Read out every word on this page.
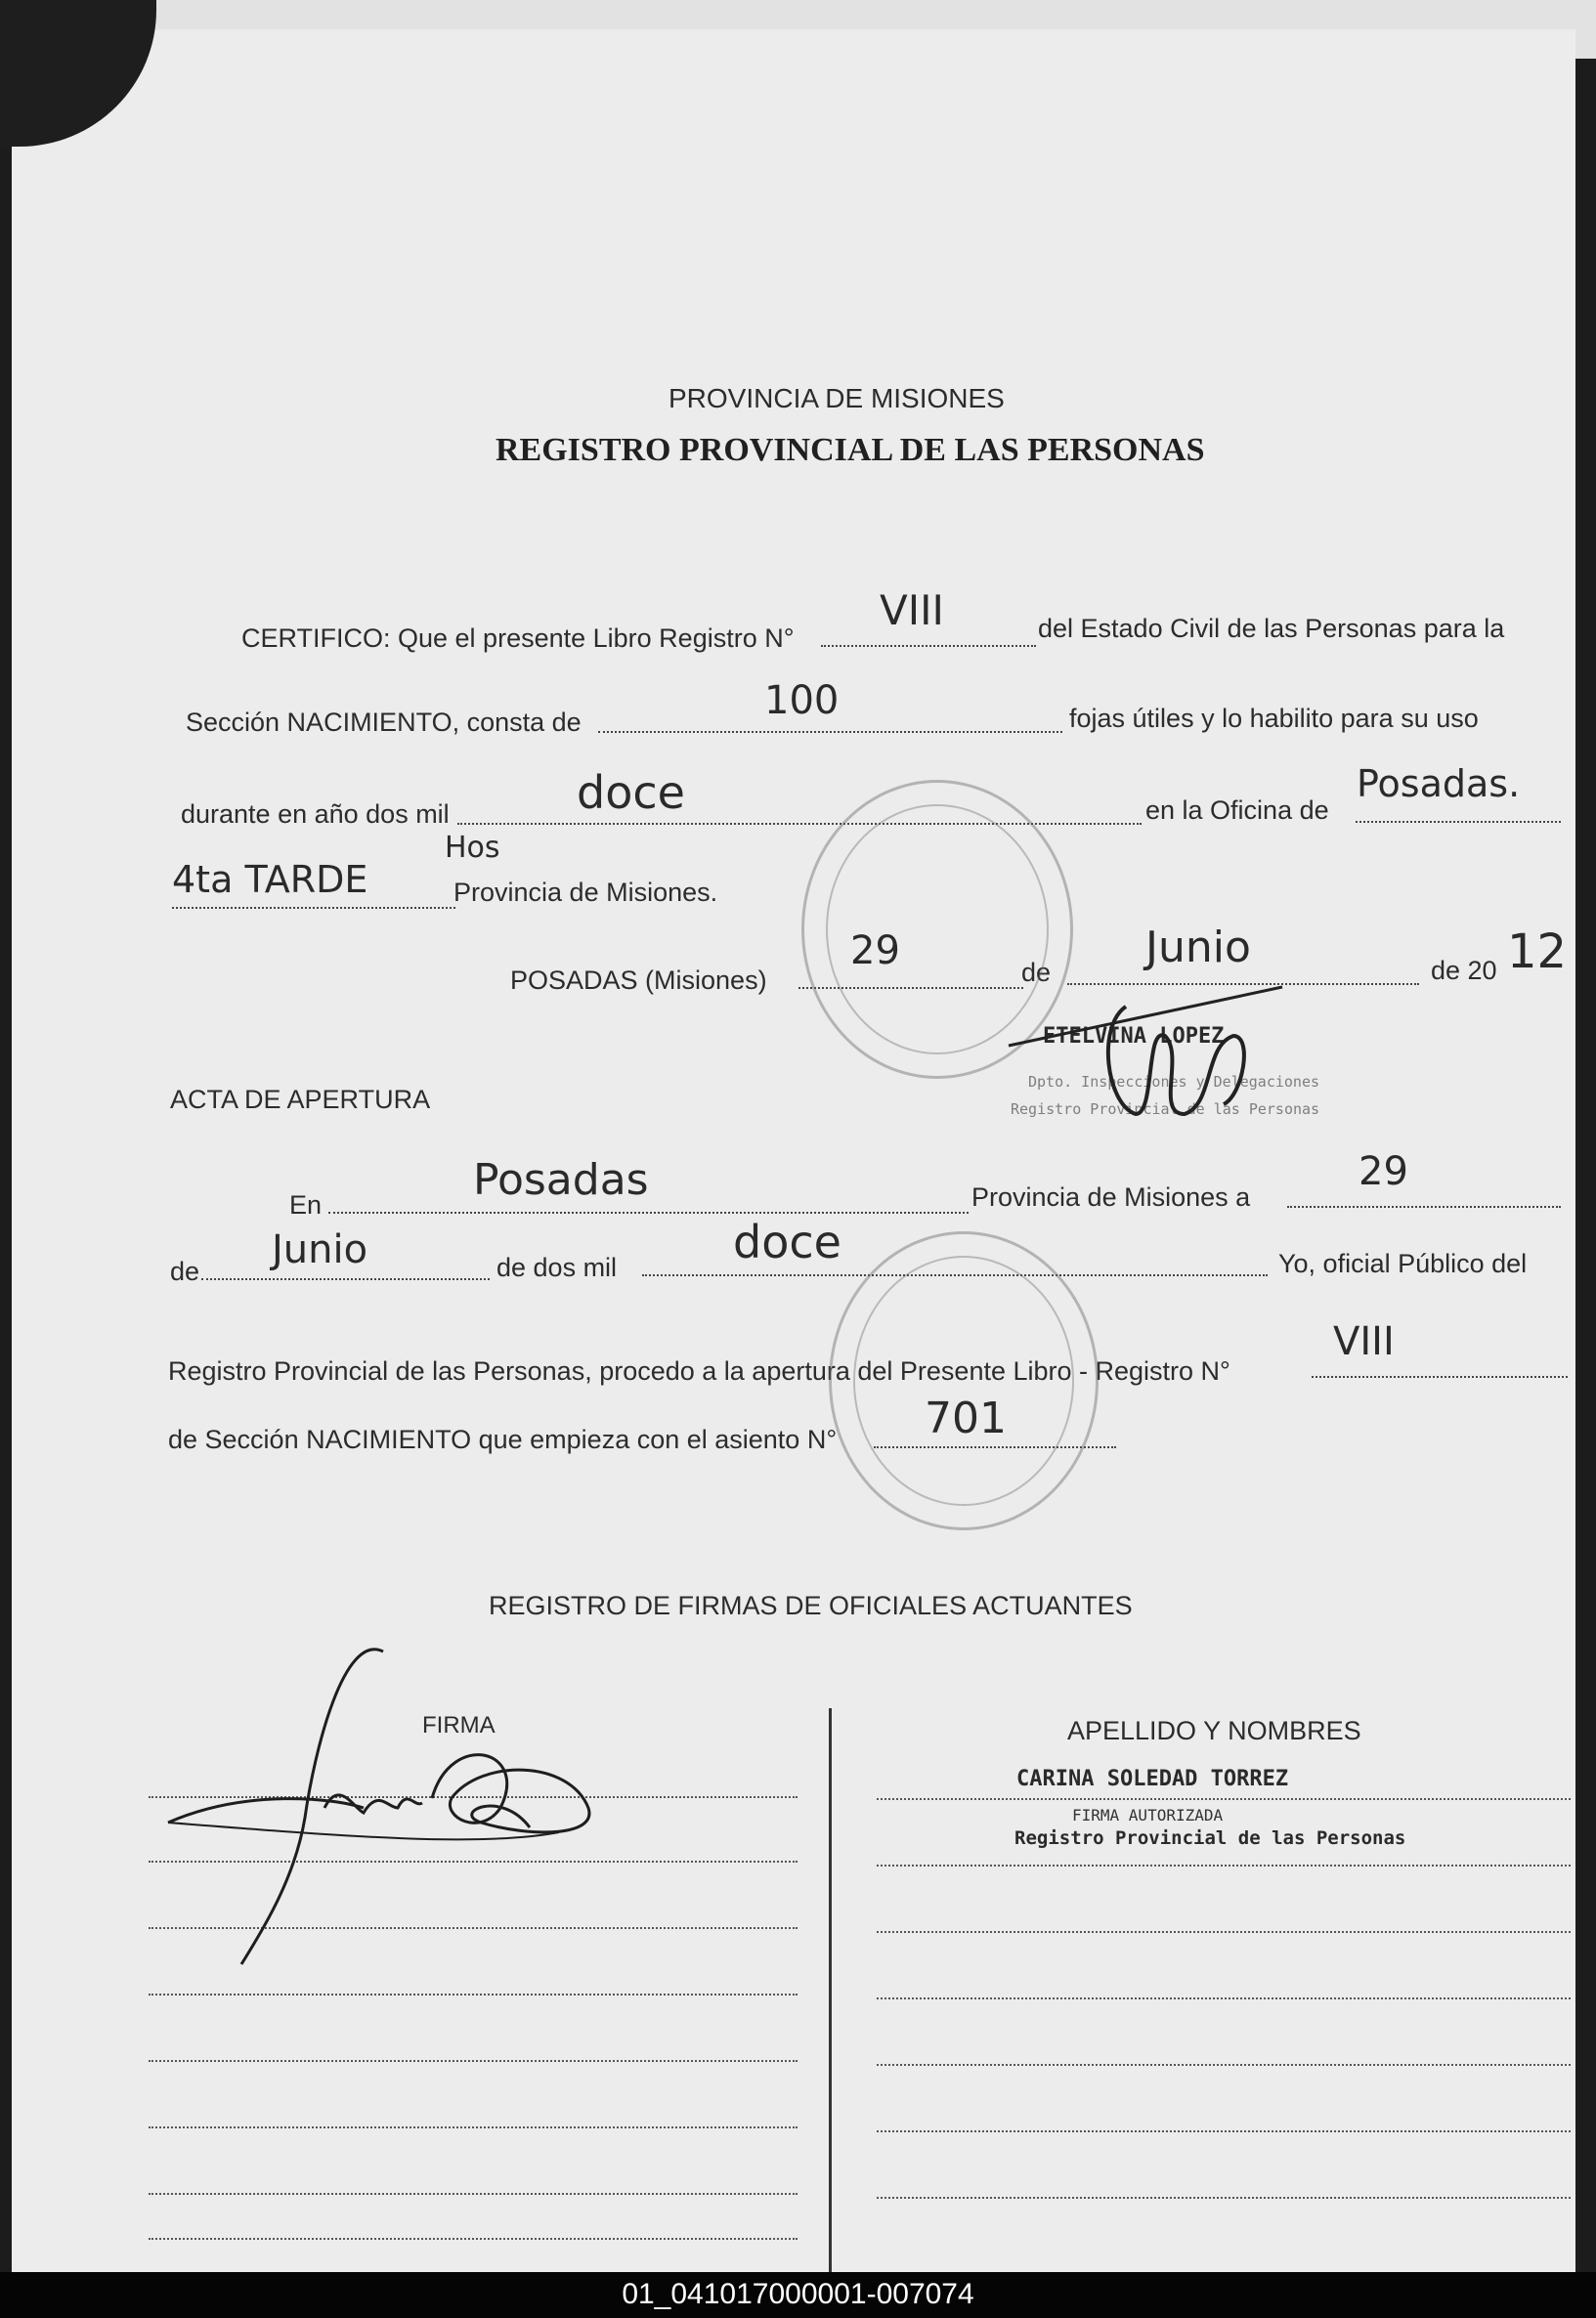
PROVINCIA DE MISIONES
REGISTRO PROVINCIAL DE LAS PERSONAS
CERTIFICO: Que el presente Libro Registro N°
VIII	del Estado Civil de las Personas para la
Sección NACIMIENTO, consta de	100	fojas útiles y lo habilito para su uso
durante en año dos mil	doce	en la Oficina de
Posadas.
4ta TARDE
Hos
Provincia de Misiones.
POSADAS (Misiones)
29	de Junio	de 20 12
ETELVINA LOPEZ
Dpto. Inspecciones y Delegaciones
Registro Provincial de las Personas
ACTA DE APERTURA
En	Posadas	Provincia de Misiones a
29
de Junio	de dos mil	doce	Yo, oficial Público del
Registro Provincial de las Personas, procedo a la apertura del Presente Libro - Registro N°
VIII
de Sección NACIMIENTO que empieza con el asiento N° 701
REGISTRO DE FIRMAS DE OFICIALES ACTUANTES
FIRMA	APELLIDO Y NOMBRES
CARINA SOLEDAD TORREZ
FIRMA AUTORIZADA
Registro Provincial de las Personas
01_041017000001-007074
